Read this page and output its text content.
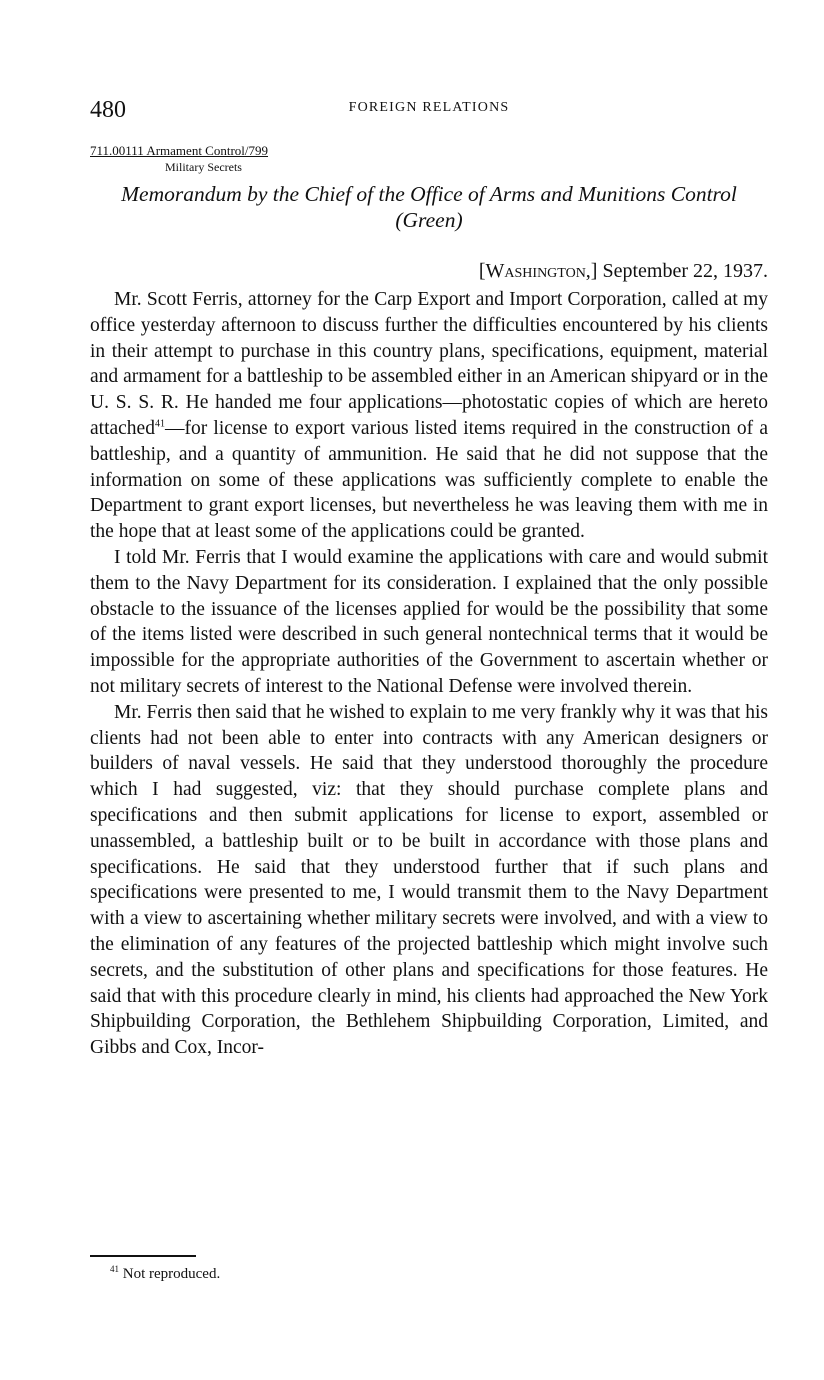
480	FOREIGN RELATIONS
711.00111 Armament Control/799
Military Secrets
Memorandum by the Chief of the Office of Arms and Munitions Control (Green)
[Washington,] September 22, 1937.

Mr. Scott Ferris, attorney for the Carp Export and Import Corporation, called at my office yesterday afternoon to discuss further the difficulties encountered by his clients in their attempt to purchase in this country plans, specifications, equipment, material and armament for a battleship to be assembled either in an American shipyard or in the U. S. S. R. He handed me four applications—photostatic copies of which are hereto attached$^{41}$—for license to export various listed items required in the construction of a battleship, and a quantity of ammunition. He said that he did not suppose that the information on some of these applications was sufficiently complete to enable the Department to grant export licenses, but nevertheless he was leaving them with me in the hope that at least some of the applications could be granted.

I told Mr. Ferris that I would examine the applications with care and would submit them to the Navy Department for its consideration. I explained that the only possible obstacle to the issuance of the licenses applied for would be the possibility that some of the items listed were described in such general nontechnical terms that it would be impossible for the appropriate authorities of the Government to ascertain whether or not military secrets of interest to the National Defense were involved therein.

Mr. Ferris then said that he wished to explain to me very frankly why it was that his clients had not been able to enter into contracts with any American designers or builders of naval vessels. He said that they understood thoroughly the procedure which I had suggested, viz: that they should purchase complete plans and specifications and then submit applications for license to export, assembled or unassembled, a battleship built or to be built in accordance with those plans and specifications. He said that they understood further that if such plans and specifications were presented to me, I would transmit them to the Navy Department with a view to ascertaining whether military secrets were involved, and with a view to the elimination of any features of the projected battleship which might involve such secrets, and the substitution of other plans and specifications for those features. He said that with this procedure clearly in mind, his clients had approached the New York Shipbuilding Corporation, the Bethlehem Shipbuilding Corporation, Limited, and Gibbs and Cox, Incor-

$^{41}$ Not reproduced.
